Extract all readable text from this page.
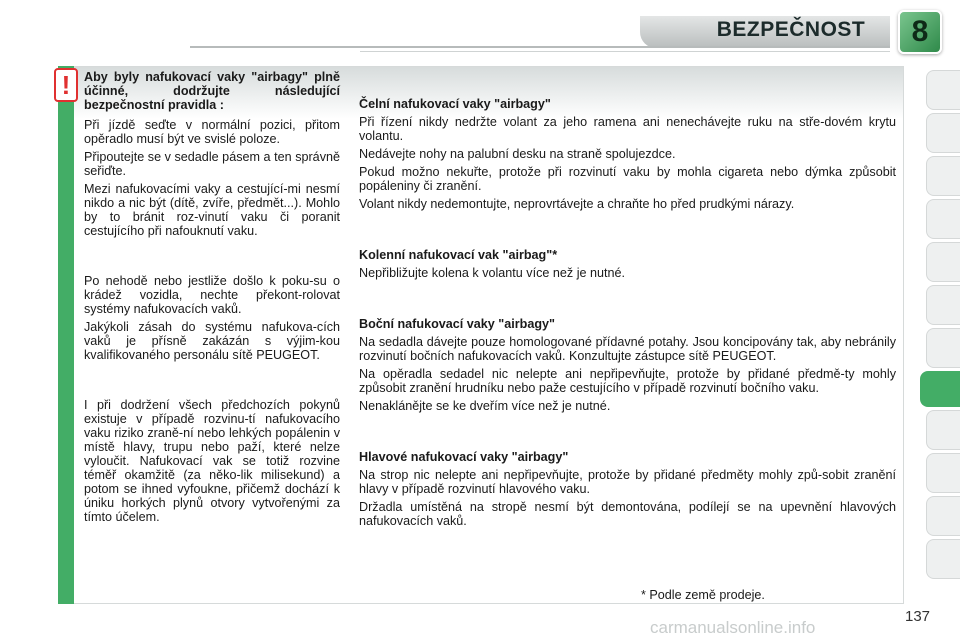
BEZPEČNOST	8
!	Aby byly nafukovací vaky "airbagy" plně účinné, dodržujte následující bezpečnostní pravidla :

Při jízdě seďte v normální pozici, přitom opěradlo musí být ve svislé poloze.

Připoutejte se v sedadle pásem a ten správně seřiďte.

Mezi nafukovacími vaky a cestující-mi nesmí nikdo a nic být (dítě, zvíře, předmět...). Mohlo by to bránit roz-vinutí vaku či poranit cestujícího při nafouknutí vaku.

Po nehodě nebo jestliže došlo k poku-su o krádež vozidla, nechte překont-rolovat systémy nafukovacích vaků.

Jakýkoli zásah do systému nafukova-cích vaků je přísně zakázán s výjim-kou kvalifikovaného personálu sítě PEUGEOT.

I při dodržení všech předchozích pokynů existuje v případě rozvinu-tí nafukovacího vaku riziko zraně-ní nebo lehkých popálenin v místě hlavy, trupu nebo paží, které nelze vyloučit. Nafukovací vak se totiž rozvine téměř okamžitě (za něko-lik milisekund) a potom se ihned vyfoukne, přičemž dochází k úniku horkých plynů otvory vytvořenými za tímto účelem.

Čelní nafukovací vaky "airbagy"

Při řízení nikdy nedržte volant za jeho ramena ani nenechávejte ruku na stře-dovém krytu volantu.

Nedávejte nohy na palubní desku na straně spolujezdce.

Pokud možno nekuřte, protože při rozvinutí vaku by mohla cigareta nebo dýmka způsobit popáleniny či zranění.

Volant nikdy nedemontujte, neprovrtávejte a chraňte ho před prudkými nárazy.

Kolenní nafukovací vak "airbag"*

Nepřibližujte kolena k volantu více než je nutné.

Boční nafukovací vaky "airbagy"

Na sedadla dávejte pouze homologované přídavné potahy. Jsou koncipovány tak, aby nebránily rozvinutí bočních nafukovacích vaků. Konzultujte zástupce sítě PEUGEOT.

Na opěradla sedadel nic nelepte ani nepřipevňujte, protože by přidané předmě-ty mohly způsobit zranění hrudníku nebo paže cestujícího v případě rozvinutí bočního vaku.

Nenaklánějte se ke dveřím více než je nutné.

Hlavové nafukovací vaky "airbagy"

Na strop nic nelepte ani nepřipevňujte, protože by přidané předměty mohly způ-sobit zranění hlavy v případě rozvinutí hlavového vaku.

Držadla umístěná na stropě nesmí být demontována, podílejí se na upevnění hlavových nafukovacích vaků.

* Podle země prodeje.
carmanualsonline.info
137
